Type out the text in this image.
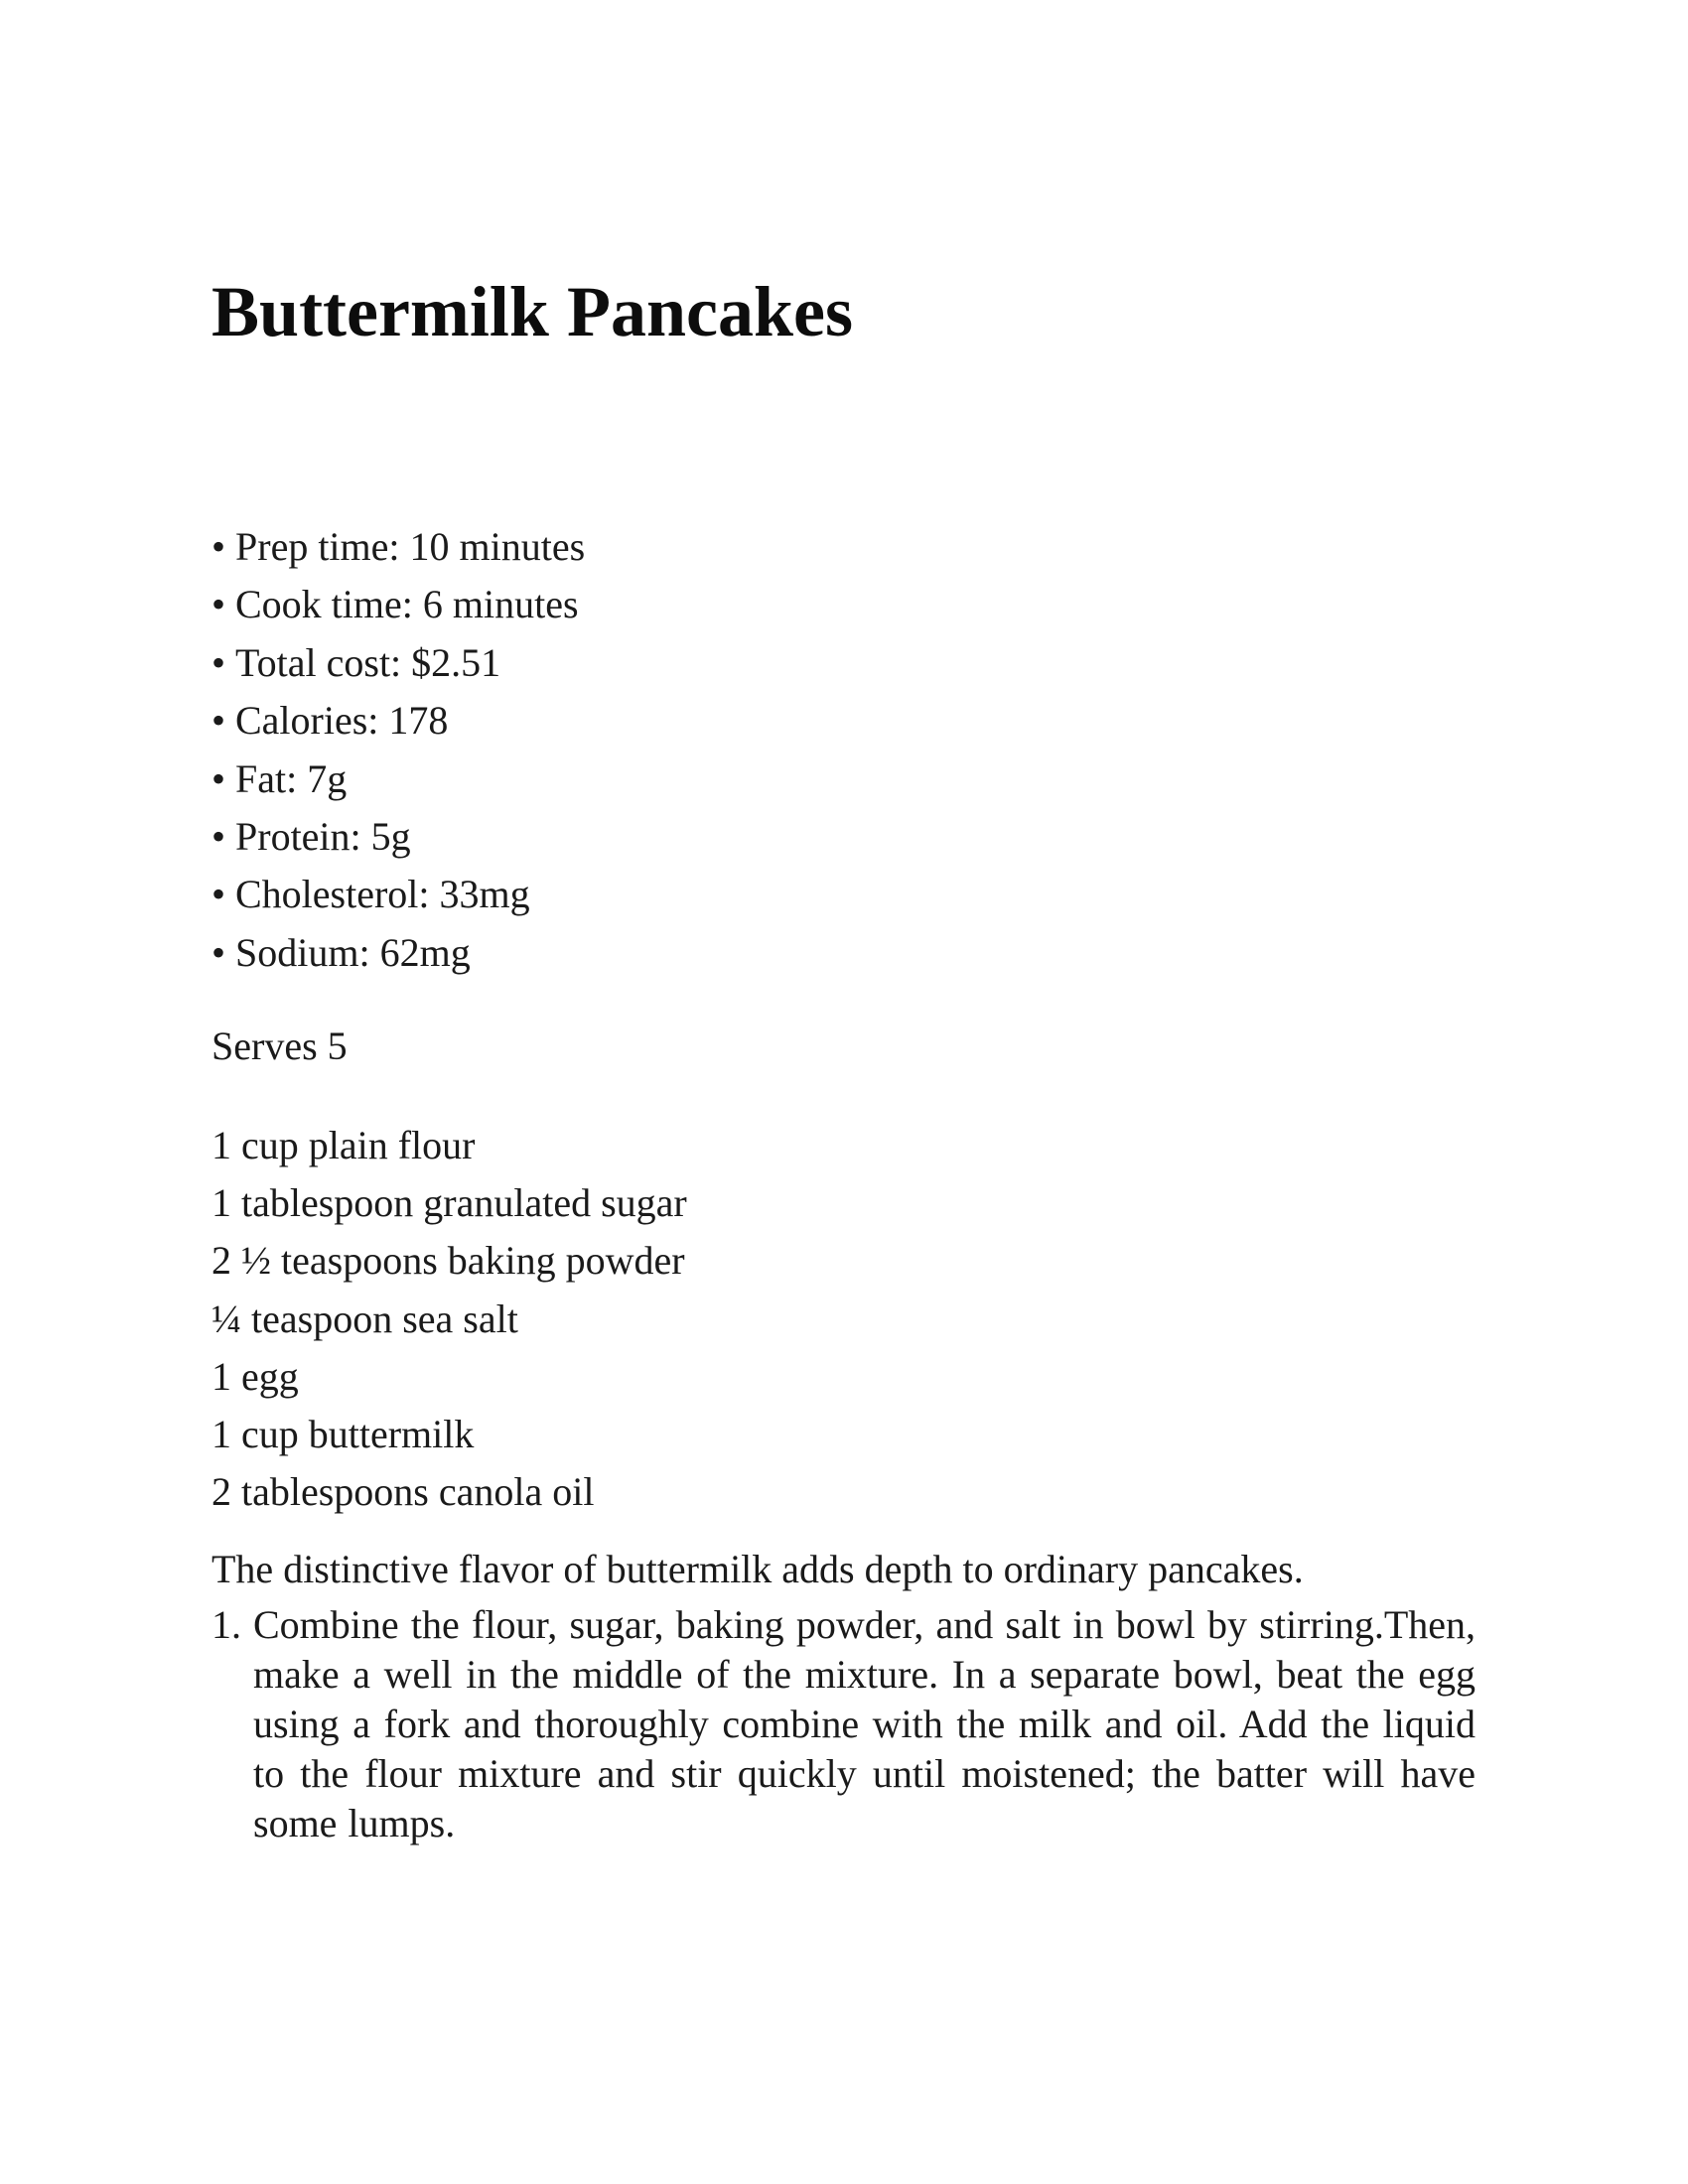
Buttermilk Pancakes
• Prep time: 10 minutes
• Cook time: 6 minutes
• Total cost: $2.51
• Calories: 178
• Fat: 7g
• Protein: 5g
• Cholesterol: 33mg
• Sodium: 62mg

Serves 5

1 cup plain flour
1 tablespoon granulated sugar
2 ½ teaspoons baking powder
¼ teaspoon sea salt
1 egg
1 cup buttermilk
2 tablespoons canola oil

The distinctive flavor of buttermilk adds depth to ordinary pancakes.

1. Combine the flour, sugar, baking powder, and salt in bowl by stirring.Then, make a well in the middle of the mixture. In a separate bowl, beat the egg using a fork and thoroughly combine with the milk and oil. Add the liquid to the flour mixture and stir quickly until moistened; the batter will have some lumps.
